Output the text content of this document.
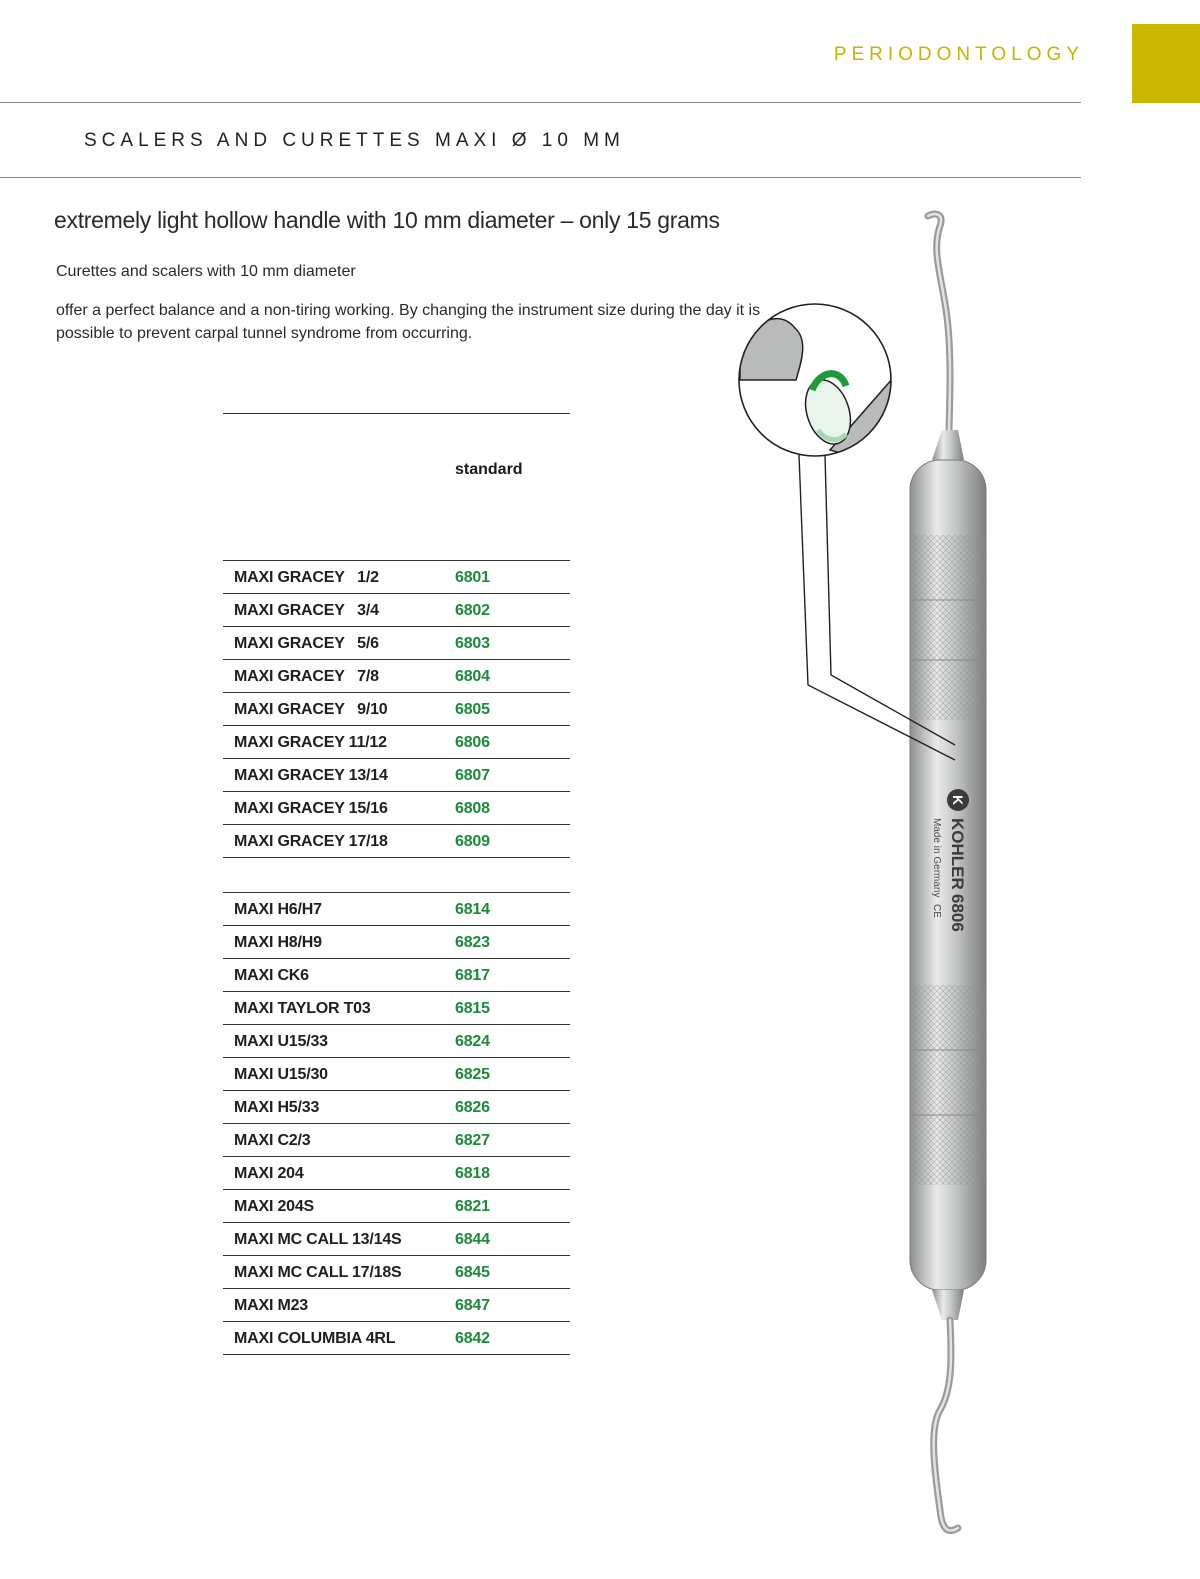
PERIODONTOLOGY
SCALERS AND CURETTES MAXI Ø 10 MM
extremely light hollow handle with 10 mm diameter – only 15 grams
Curettes and scalers with 10 mm diameter
offer a perfect balance and a non-tiring working. By changing the instrument size during the day it is possible to prevent carpal tunnel syndrome from occurring.
standard
MAXI GRACEY   1/2	6801
MAXI GRACEY   3/4	6802
MAXI GRACEY   5/6	6803
MAXI GRACEY   7/8	6804
MAXI GRACEY   9/10	6805
MAXI GRACEY 11/12	6806
MAXI GRACEY 13/14	6807
MAXI GRACEY 15/16	6808
MAXI GRACEY 17/18	6809
MAXI H6/H7	6814
MAXI H8/H9	6823
MAXI CK6	6817
MAXI TAYLOR T03	6815
MAXI U15/33	6824
MAXI U15/30	6825
MAXI H5/33	6826
MAXI C2/3	6827
MAXI 204	6818
MAXI 204S	6821
MAXI MC CALL 13/14S	6844
MAXI MC CALL 17/18S	6845
MAXI M23	6847
MAXI COLUMBIA 4RL	6842
K
KOHLER
6806
Made in Germany
CE
